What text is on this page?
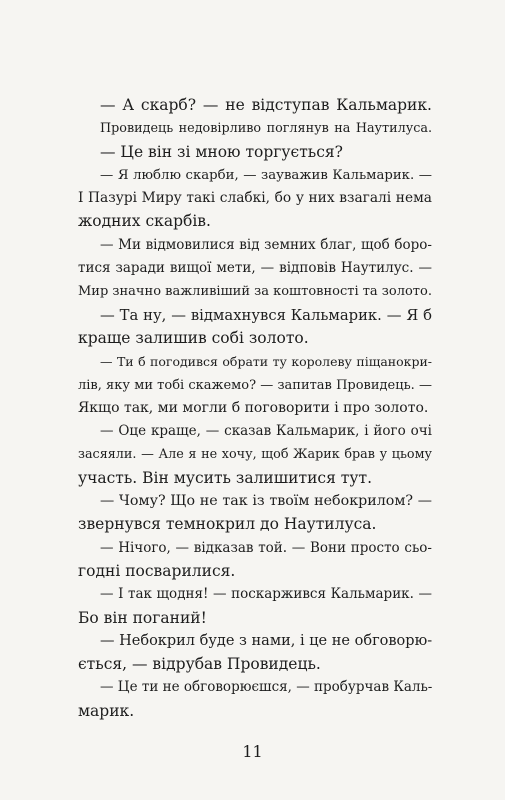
— А скарб? — не відступав Кальмарик.
Провидець недовірливо поглянув на Наутилуса.
— Це він зі мною торгується?
— Я люблю скарби, — зауважив Кальмарик. —
І Пазурі Миру такі слабкі, бо у них взагалі нема
жодних скарбів.
— Ми відмовилися від земних благ, щоб боро-
тися заради вищої мети, — відповів Наутилус. —
Мир значно важливіший за коштовності та золото.
— Та ну, — відмахнувся Кальмарик. — Я б
краще залишив собі золото.
— Ти б погодився обрати ту королеву піщанокри-
лів, яку ми тобі скажемо? — запитав Провидець. —
Якщо так, ми могли б поговорити і про золото.
— Оце краще, — сказав Кальмарик, і його очі
засяяли. — Але я не хочу, щоб Жарик брав у цьому
участь. Він мусить залишитися тут.
— Чому? Що не так із твоїм небокрилом? —
звернувся темнокрил до Наутилуса.
— Нічого, — відказав той. — Вони просто сьо-
годні посварилися.
— І так щодня! — поскаржився Кальмарик. —
Бо він поганий!
— Небокрил буде з нами, і це не обговорю-
ється, — відрубав Провидець.
— Це ти не обговорюєшся, — пробурчав Каль-
марик.
11
